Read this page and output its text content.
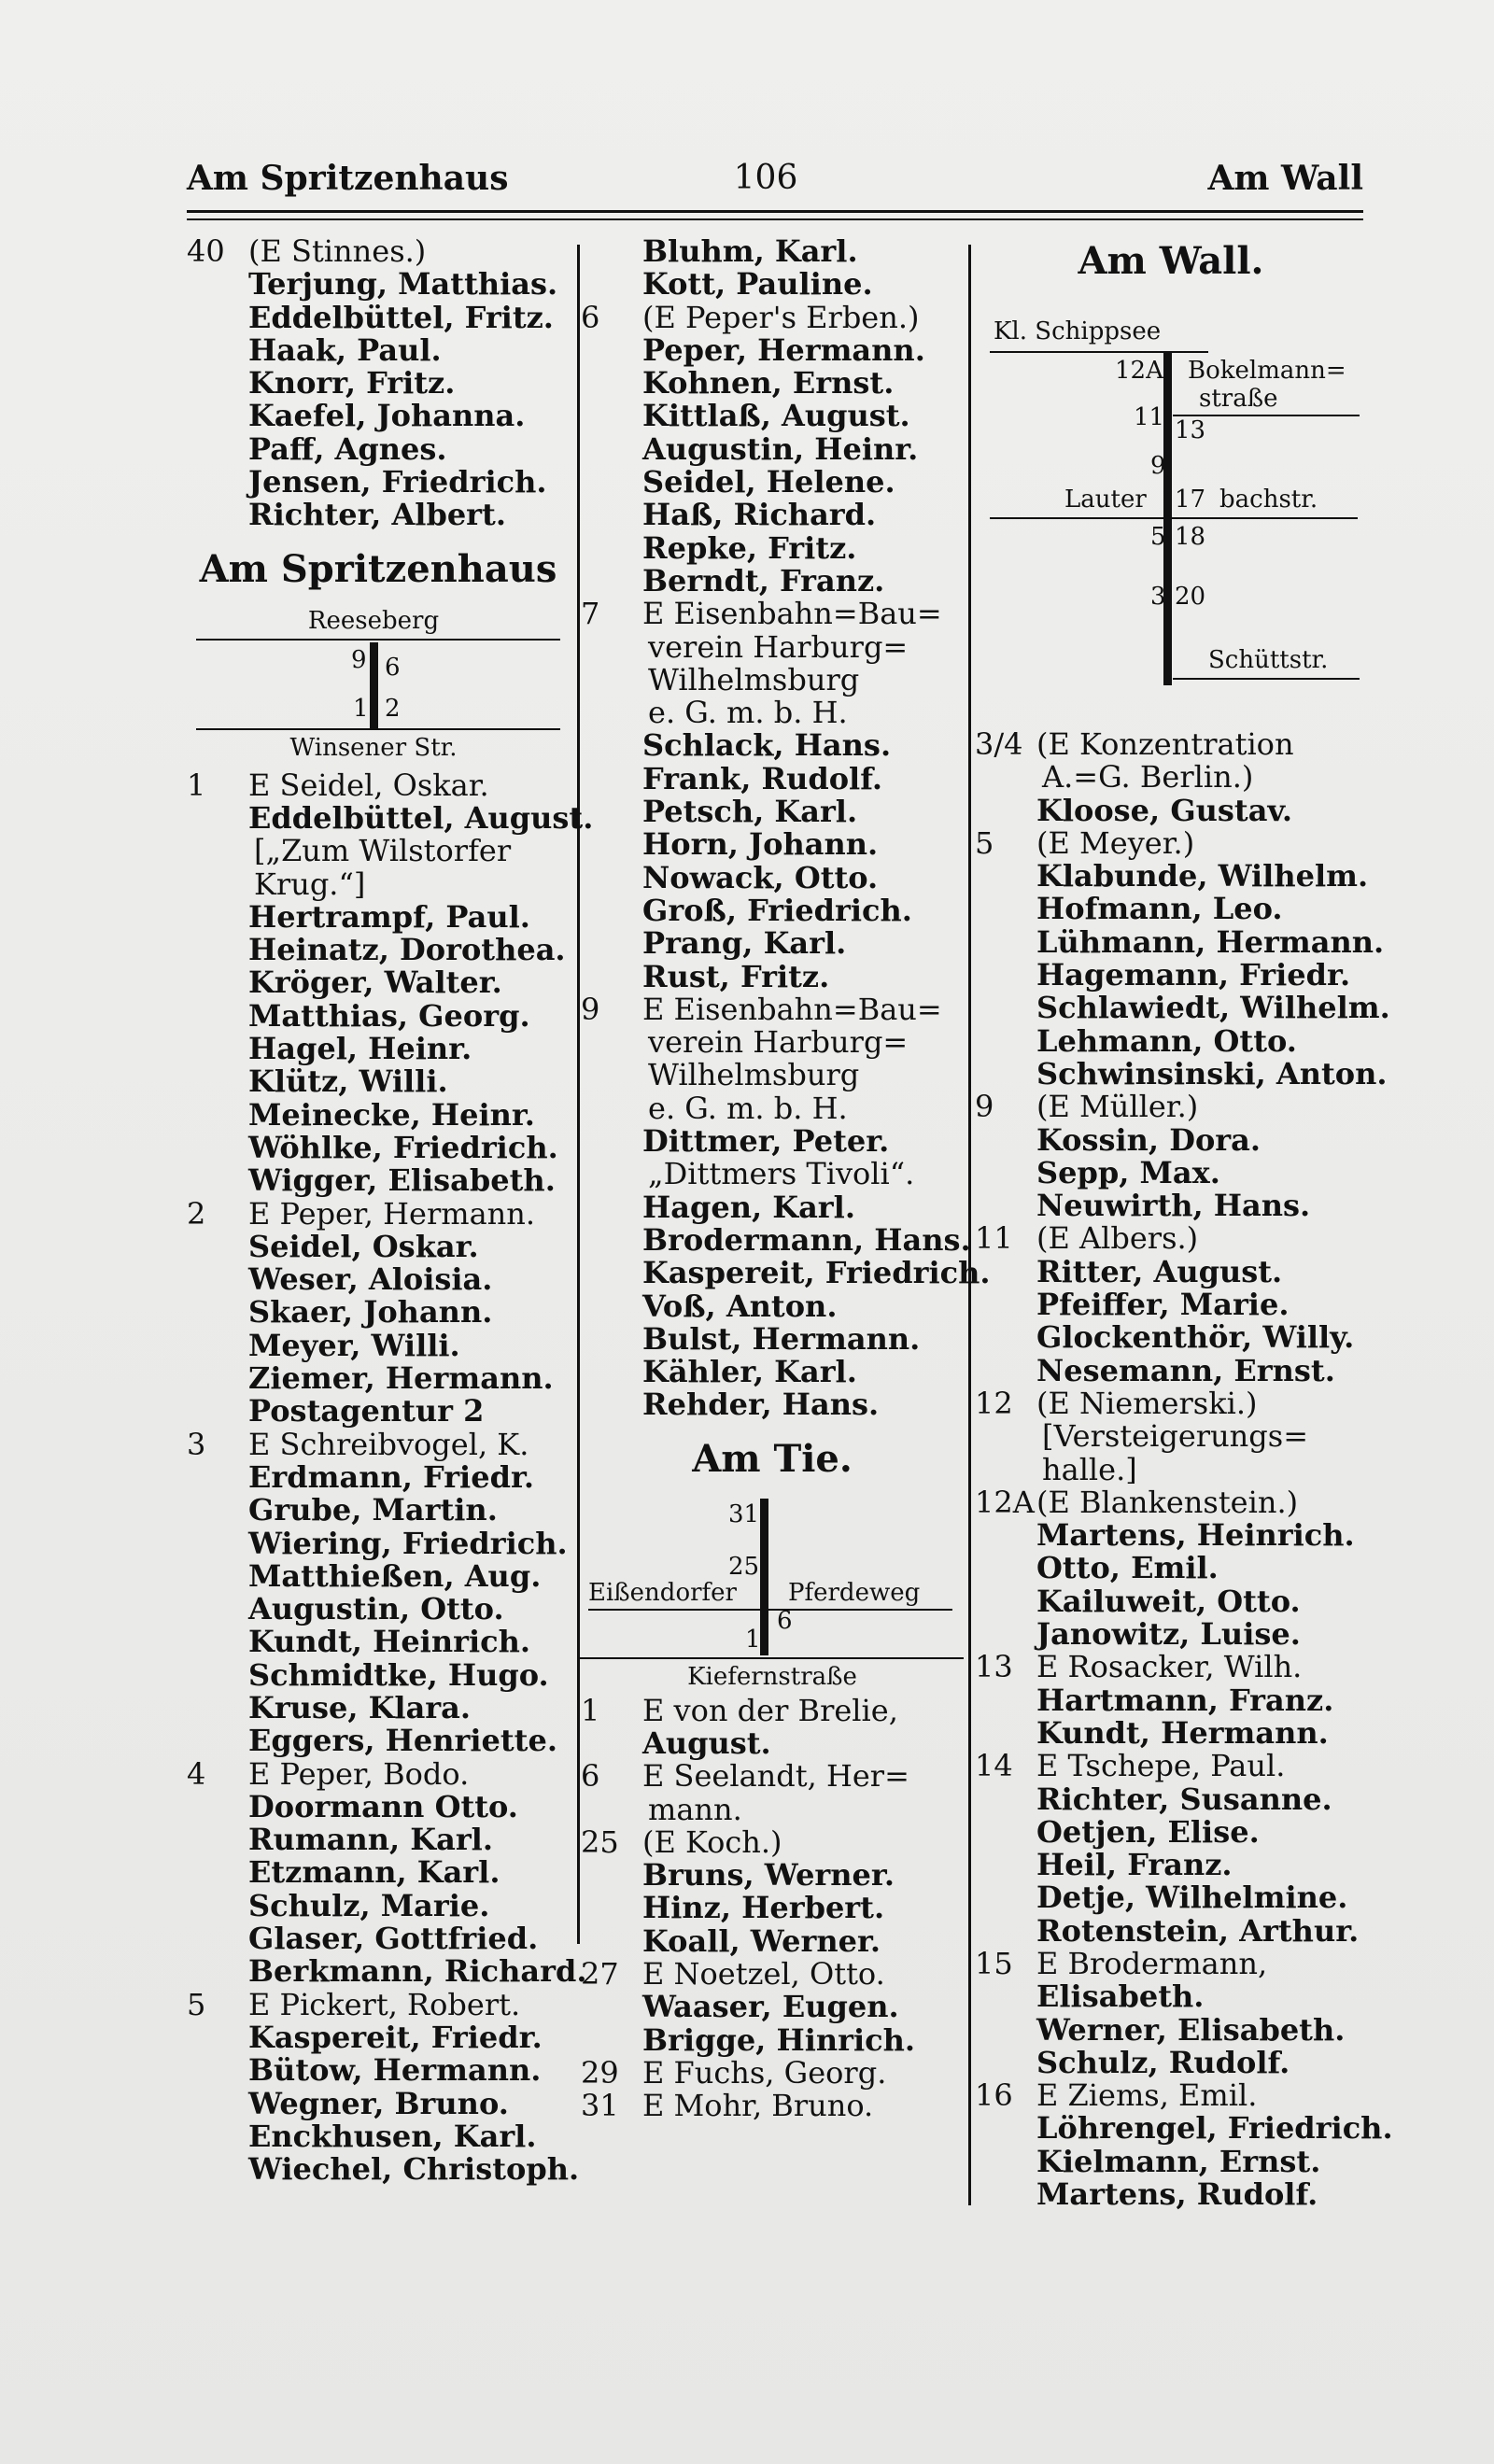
Am Spritzenhaus	106	Am Wall
40 (E Stinnes.)
Terjung, Matthias.
Eddelbüttel, Fritz.
Haak, Paul.
Knorr, Fritz.
Kaefel, Johanna.
Paff, Agnes.
Jensen, Friedrich.
Richter, Albert.
Am Spritzenhaus
Reeseberg
9 6
1 2
Winsener Str.
1	E Seidel, Oskar.
Eddelbüttel, August.
[„Zum Wilstorfer
Krug.“]
Hertrampf, Paul.
Heinatz, Dorothea.
Kröger, Walter.
Matthias, Georg.
Hagel, Heinr.
Klütz, Willi.
Meinecke, Heinr.
Wöhlke, Friedrich.
Wigger, Elisabeth.
2	E Peper, Hermann.
Seidel, Oskar.
Weser, Aloisia.
Skaer, Johann.
Meyer, Willi.
Ziemer, Hermann.
Postagentur 2
3	E Schreibvogel, K.
Erdmann, Friedr.
Grube, Martin.
Wiering, Friedrich.
Matthießen, Aug.
Augustin, Otto.
Kundt, Heinrich.
Schmidtke, Hugo.
Kruse, Klara.
Eggers, Henriette.
4	E Peper, Bodo.
Doormann Otto.
Rumann, Karl.
Etzmann, Karl.
Schulz, Marie.
Glaser, Gottfried.
Berkmann, Richard.
5	E Pickert, Robert.
Kaspereit, Friedr.
Bütow, Hermann.
Wegner, Bruno.
Enckhusen, Karl.
Wiechel, Christoph.
Bluhm, Karl.
Kott, Pauline.
6	(E Peper's Erben.)
Peper, Hermann.
Kohnen, Ernst.
Kittlaß, August.
Augustin, Heinr.
Seidel, Helene.
Haß, Richard.
Repke, Fritz.
Berndt, Franz.
7	E Eisenbahn=Bau=
verein Harburg=
Wilhelmsburg
e. G. m. b. H.
Schlack, Hans.
Frank, Rudolf.
Petsch, Karl.
Horn, Johann.
Nowack, Otto.
Groß, Friedrich.
Prang, Karl.
Rust, Fritz.
9	E Eisenbahn=Bau=
verein Harburg=
Wilhelmsburg
e. G. m. b. H.
Dittmer, Peter.
„Dittmers Tivoli“.
Hagen, Karl.
Brodermann, Hans.
Kaspereit, Friedrich.
Voß, Anton.
Bulst, Hermann.
Kähler, Karl.
Rehder, Hans.
Am Tie.
31
25
Eißendorfer Pferdeweg
6
1
Kiefernstraße
1	E von der Brelie,
August.
6	E Seelandt, Her=
mann.
25 (E Koch.)
Bruns, Werner.
Hinz, Herbert.
Koall, Werner.
27 E Noetzel, Otto.
Waaser, Eugen.
Brigge, Hinrich.
29 E Fuchs, Georg.
31 E Mohr, Bruno.
Am Wall.
Kl. Schippsee
12A Bokelmann=
straße
11 13
9
Lauter 17 bachstr.
5 18
3 20
Schüttstr.
3/4 (E Konzentration
A.=G. Berlin.)
Kloose, Gustav.
5	(E Meyer.)
Klabunde, Wilhelm.
Hofmann, Leo.
Lühmann, Hermann.
Hagemann, Friedr.
Schlawiedt, Wilhelm.
Lehmann, Otto.
Schwinsinski, Anton.
9	(E Müller.)
Kossin, Dora.
Sepp, Max.
Neuwirth, Hans.
11 (E Albers.)
Ritter, August.
Pfeiffer, Marie.
Glockenthör, Willy.
Nesemann, Ernst.
12 (E Niemerski.)
[Versteigerungs=
halle.]
12A (E Blankenstein.)
Martens, Heinrich.
Otto, Emil.
Kailuweit, Otto.
Janowitz, Luise.
13 E Rosacker, Wilh.
Hartmann, Franz.
Kundt, Hermann.
14 E Tschepe, Paul.
Richter, Susanne.
Oetjen, Elise.
Heil, Franz.
Detje, Wilhelmine.
Rotenstein, Arthur.
15 E Brodermann,
Elisabeth.
Werner, Elisabeth.
Schulz, Rudolf.
16 E Ziems, Emil.
Löhrengel, Friedrich.
Kielmann, Ernst.
Martens, Rudolf.
